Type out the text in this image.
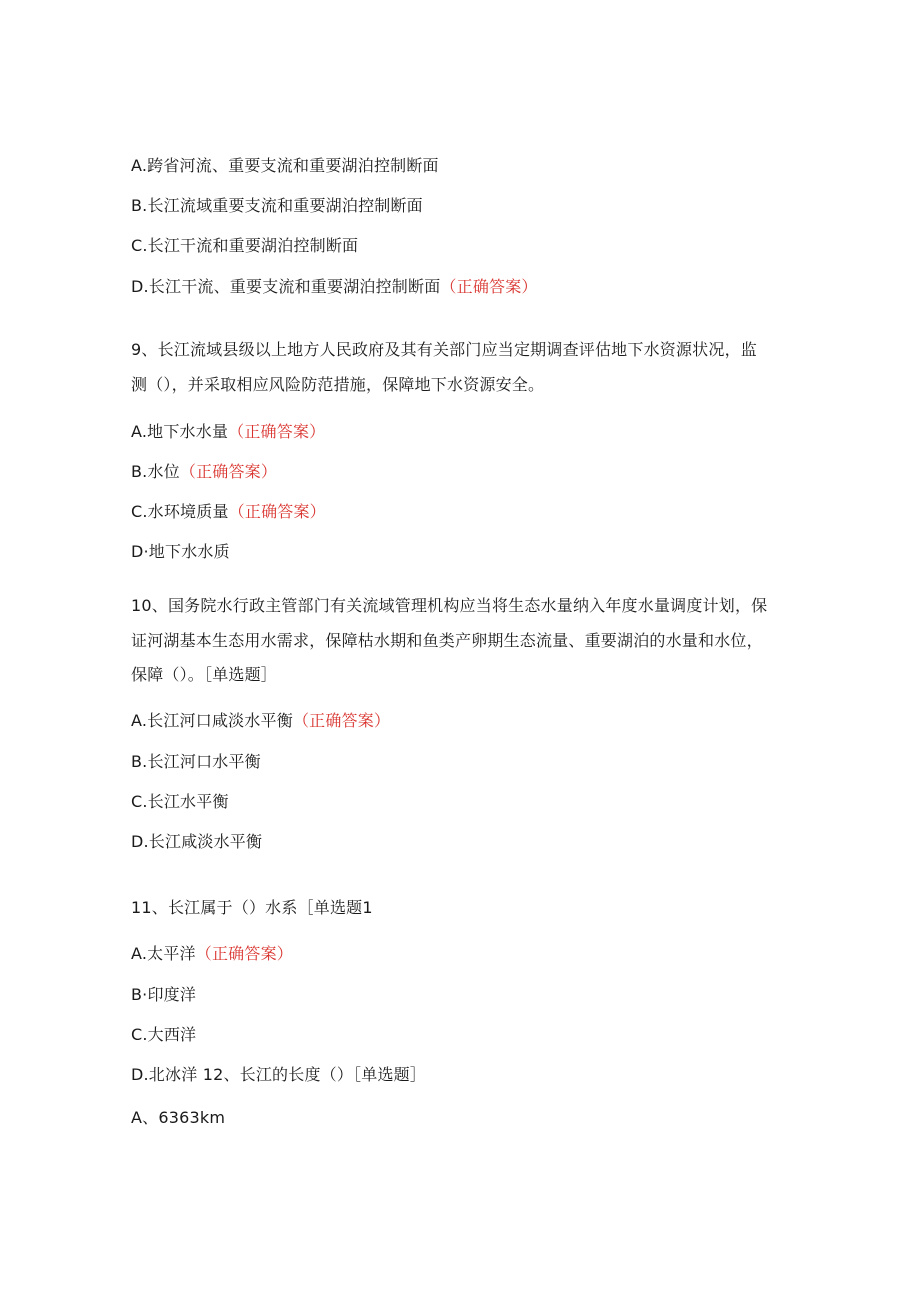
A.跨省河流、重要支流和重要湖泊控制断面
B.长江流域重要支流和重要湖泊控制断面
C.长江干流和重要湖泊控制断面
D.长江干流、重要支流和重要湖泊控制断面（正确答案）
9、长江流域县级以上地方人民政府及其有关部门应当定期调查评估地下水资源状况，监
测（），并采取相应风险防范措施，保障地下水资源安全。
A.地下水水量（正确答案）
B.水位（正确答案）
C.水环境质量（正确答案）
D·地下水水质
10、国务院水行政主管部门有关流域管理机构应当将生态水量纳入年度水量调度计划，保
证河湖基本生态用水需求，保障枯水期和鱼类产卵期生态流量、重要湖泊的水量和水位，
保障（）。［单选题］
A.长江河口咸淡水平衡（正确答案）
B.长江河口水平衡
C.长江水平衡
D.长江咸淡水平衡
11、长江属于（）水系［单选题1
A.太平洋（正确答案）
B·印度洋
C.大西洋
D.北冰洋 12、长江的长度（）［单选题］
A、6363km
